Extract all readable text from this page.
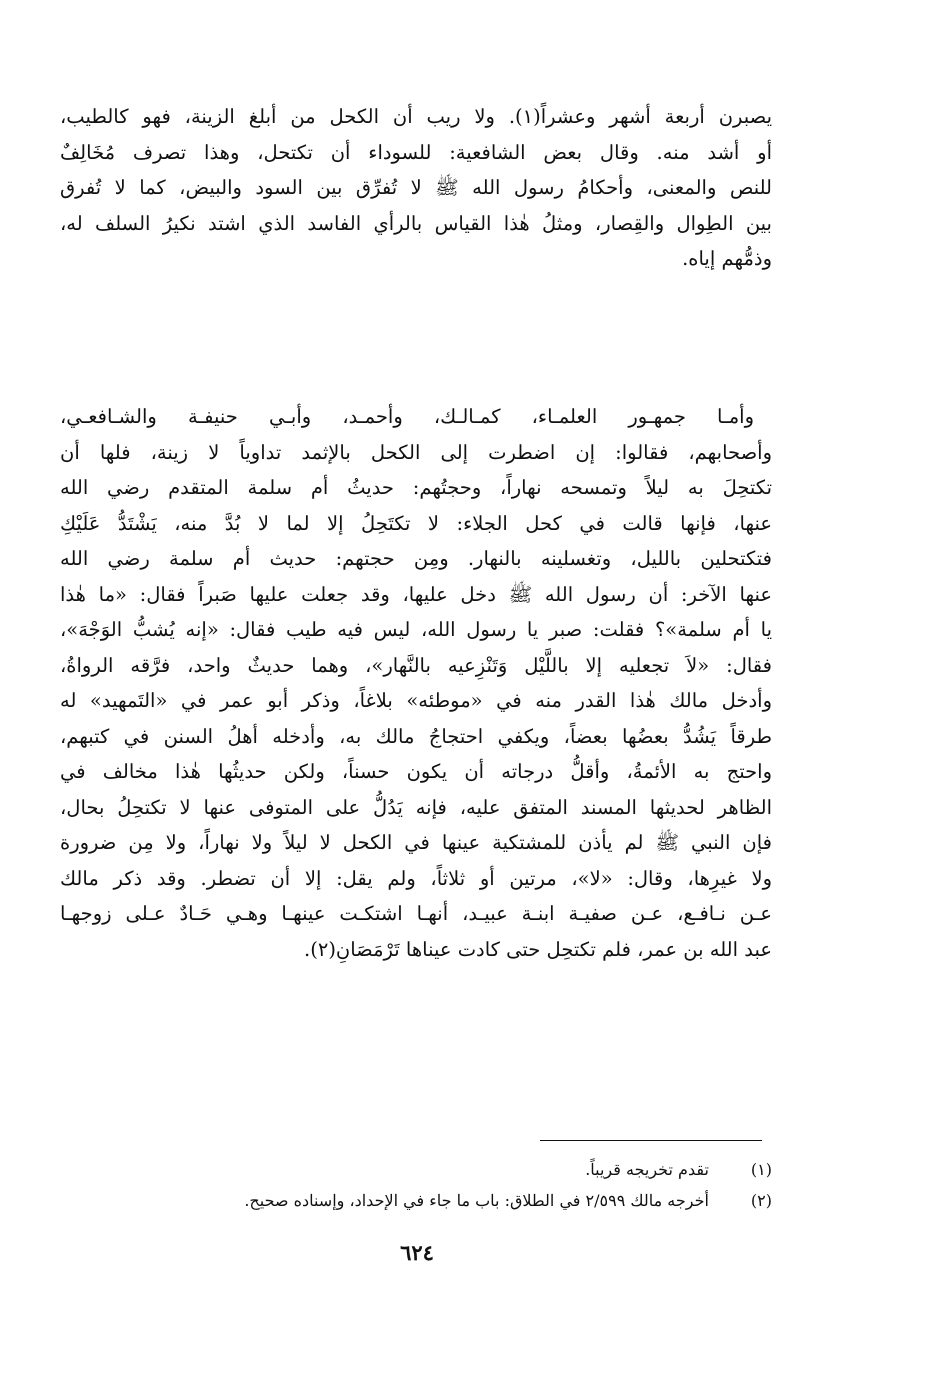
يصبرن أربعة أشهر وعشراً(١). ولا ريب أن الكحل من أبلغ الزينة، فهو كالطيب،
أو أشد منه. وقال بعض الشافعية: للسوداء أن تكتحل، وهذا تصرف مُخَالِفٌ
للنص والمعنى، وأحكامُ رسول الله ﷺ لا تُفرِّق بين السود والبيض، كما لا تُفرق
بين الطِوال والقِصار، ومثلُ هٰذا القياس بالرأي الفاسد الذي اشتد نكيرُ السلف له،
وذمُّهم إياه.
وأمـا جمهـور العلمـاء، كمـالـك، وأحمـد، وأبـي حنيفـة والشـافعـي،
وأصحابهم، فقالوا: إن اضطرت إلى الكحل بالإثمد تداوياً لا زينة، فلها أن
تكتحِلَ به ليلاً وتمسحه نهاراً، وحجتُهم: حديثُ أم سلمة المتقدم رضي الله
عنها، فإنها قالت في كحل الجلاء: لا تكتَحِلُ إلا لما لا بُدَّ منه، يَشْتَدُّ عَلَيْكِ
فتكتحلين بالليل، وتغسلينه بالنهار. ومِن حجتهم: حديث أم سلمة رضي الله
عنها الآخر: أن رسول الله ﷺ دخل عليها، وقد جعلت عليها صَبراً فقال: «ما هٰذا
يا أم سلمة»؟ فقلت: صبر يا رسول الله، ليس فيه طيب فقال: «إنه يُشبُّ الوَجْهَ»،
فقال: «لاَ تجعليه إلا باللَّيْل وَتَنْزِعيه بالنَّهار»، وهما حديثٌ واحد، فرَّقه الرواةُ،
وأدخل مالك هٰذا القدر منه في «موطئه» بلاغاً، وذكر أبو عمر في «التَمهيد» له
طرقاً يَشُدُّ بعضُها بعضاً، ويكفي احتجاجُ مالك به، وأدخله أهلُ السنن في كتبهم،
واحتج به الأئمةُ، وأقلُّ درجاته أن يكون حسناً، ولكن حديثُها هٰذا مخالف في
الظاهر لحديثها المسند المتفق عليه، فإنه يَدُلُّ على المتوفى عنها لا تكتحِلُ بحال،
فإن النبي ﷺ لم يأذن للمشتكية عينها في الكحل لا ليلاً ولا نهاراً، ولا مِن ضرورة
ولا غيرِها، وقال: «لا»، مرتين أو ثلاثاً، ولم يقل: إلا أن تضطر. وقد ذكر مالك
عـن نـافـع، عـن صفيـة ابنـة عبيـد، أنهـا اشتكـت عينهـا وهـي حَـادٌ عـلى زوجهـا
عبد الله بن عمر، فلم تكتحِل حتى كادت عيناها تَرْمَصَانِ(٢).
(١) تقدم تخريجه قريباً.
(٢) أخرجه مالك ٢/٥٩٩ في الطلاق: باب ما جاء في الإحداد، وإسناده صحيح.
٦٢٤
